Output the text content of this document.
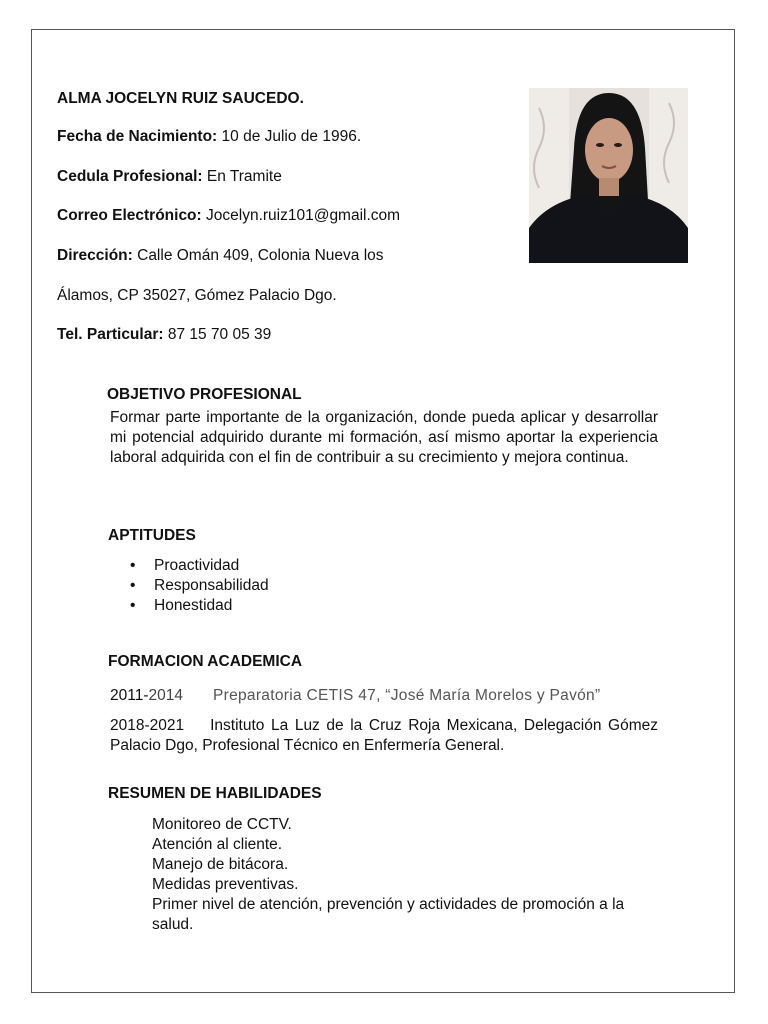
ALMA JOCELYN RUIZ SAUCEDO.
Fecha de Nacimiento: 10 de Julio de 1996.
Cedula Profesional: En Tramite
Correo Electrónico: Jocelyn.ruiz101@gmail.com
Dirección: Calle Omán 409, Colonia Nueva los
Álamos, CP 35027, Gómez Palacio Dgo.
Tel. Particular: 87 15 70 05 39
OBJETIVO PROFESIONAL
Formar parte importante de la organización, donde pueda aplicar y desarrollar mi potencial adquirido durante mi formación, así mismo aportar la experiencia laboral adquirida con el fin de contribuir a su crecimiento y mejora continua.
APTITUDES
• Proactividad
• Responsabilidad
• Honestidad
FORMACION ACADEMICA
2011-2014 Preparatoria CETIS 47, “José María Morelos y Pavón”
2018-2021 Instituto La Luz de la Cruz Roja Mexicana, Delegación Gómez Palacio Dgo, Profesional Técnico en Enfermería General.
RESUMEN DE HABILIDADES
Monitoreo de CCTV.
Atención al cliente.
Manejo de bitácora.
Medidas preventivas.
Primer nivel de atención, prevención y actividades de promoción a la salud.
